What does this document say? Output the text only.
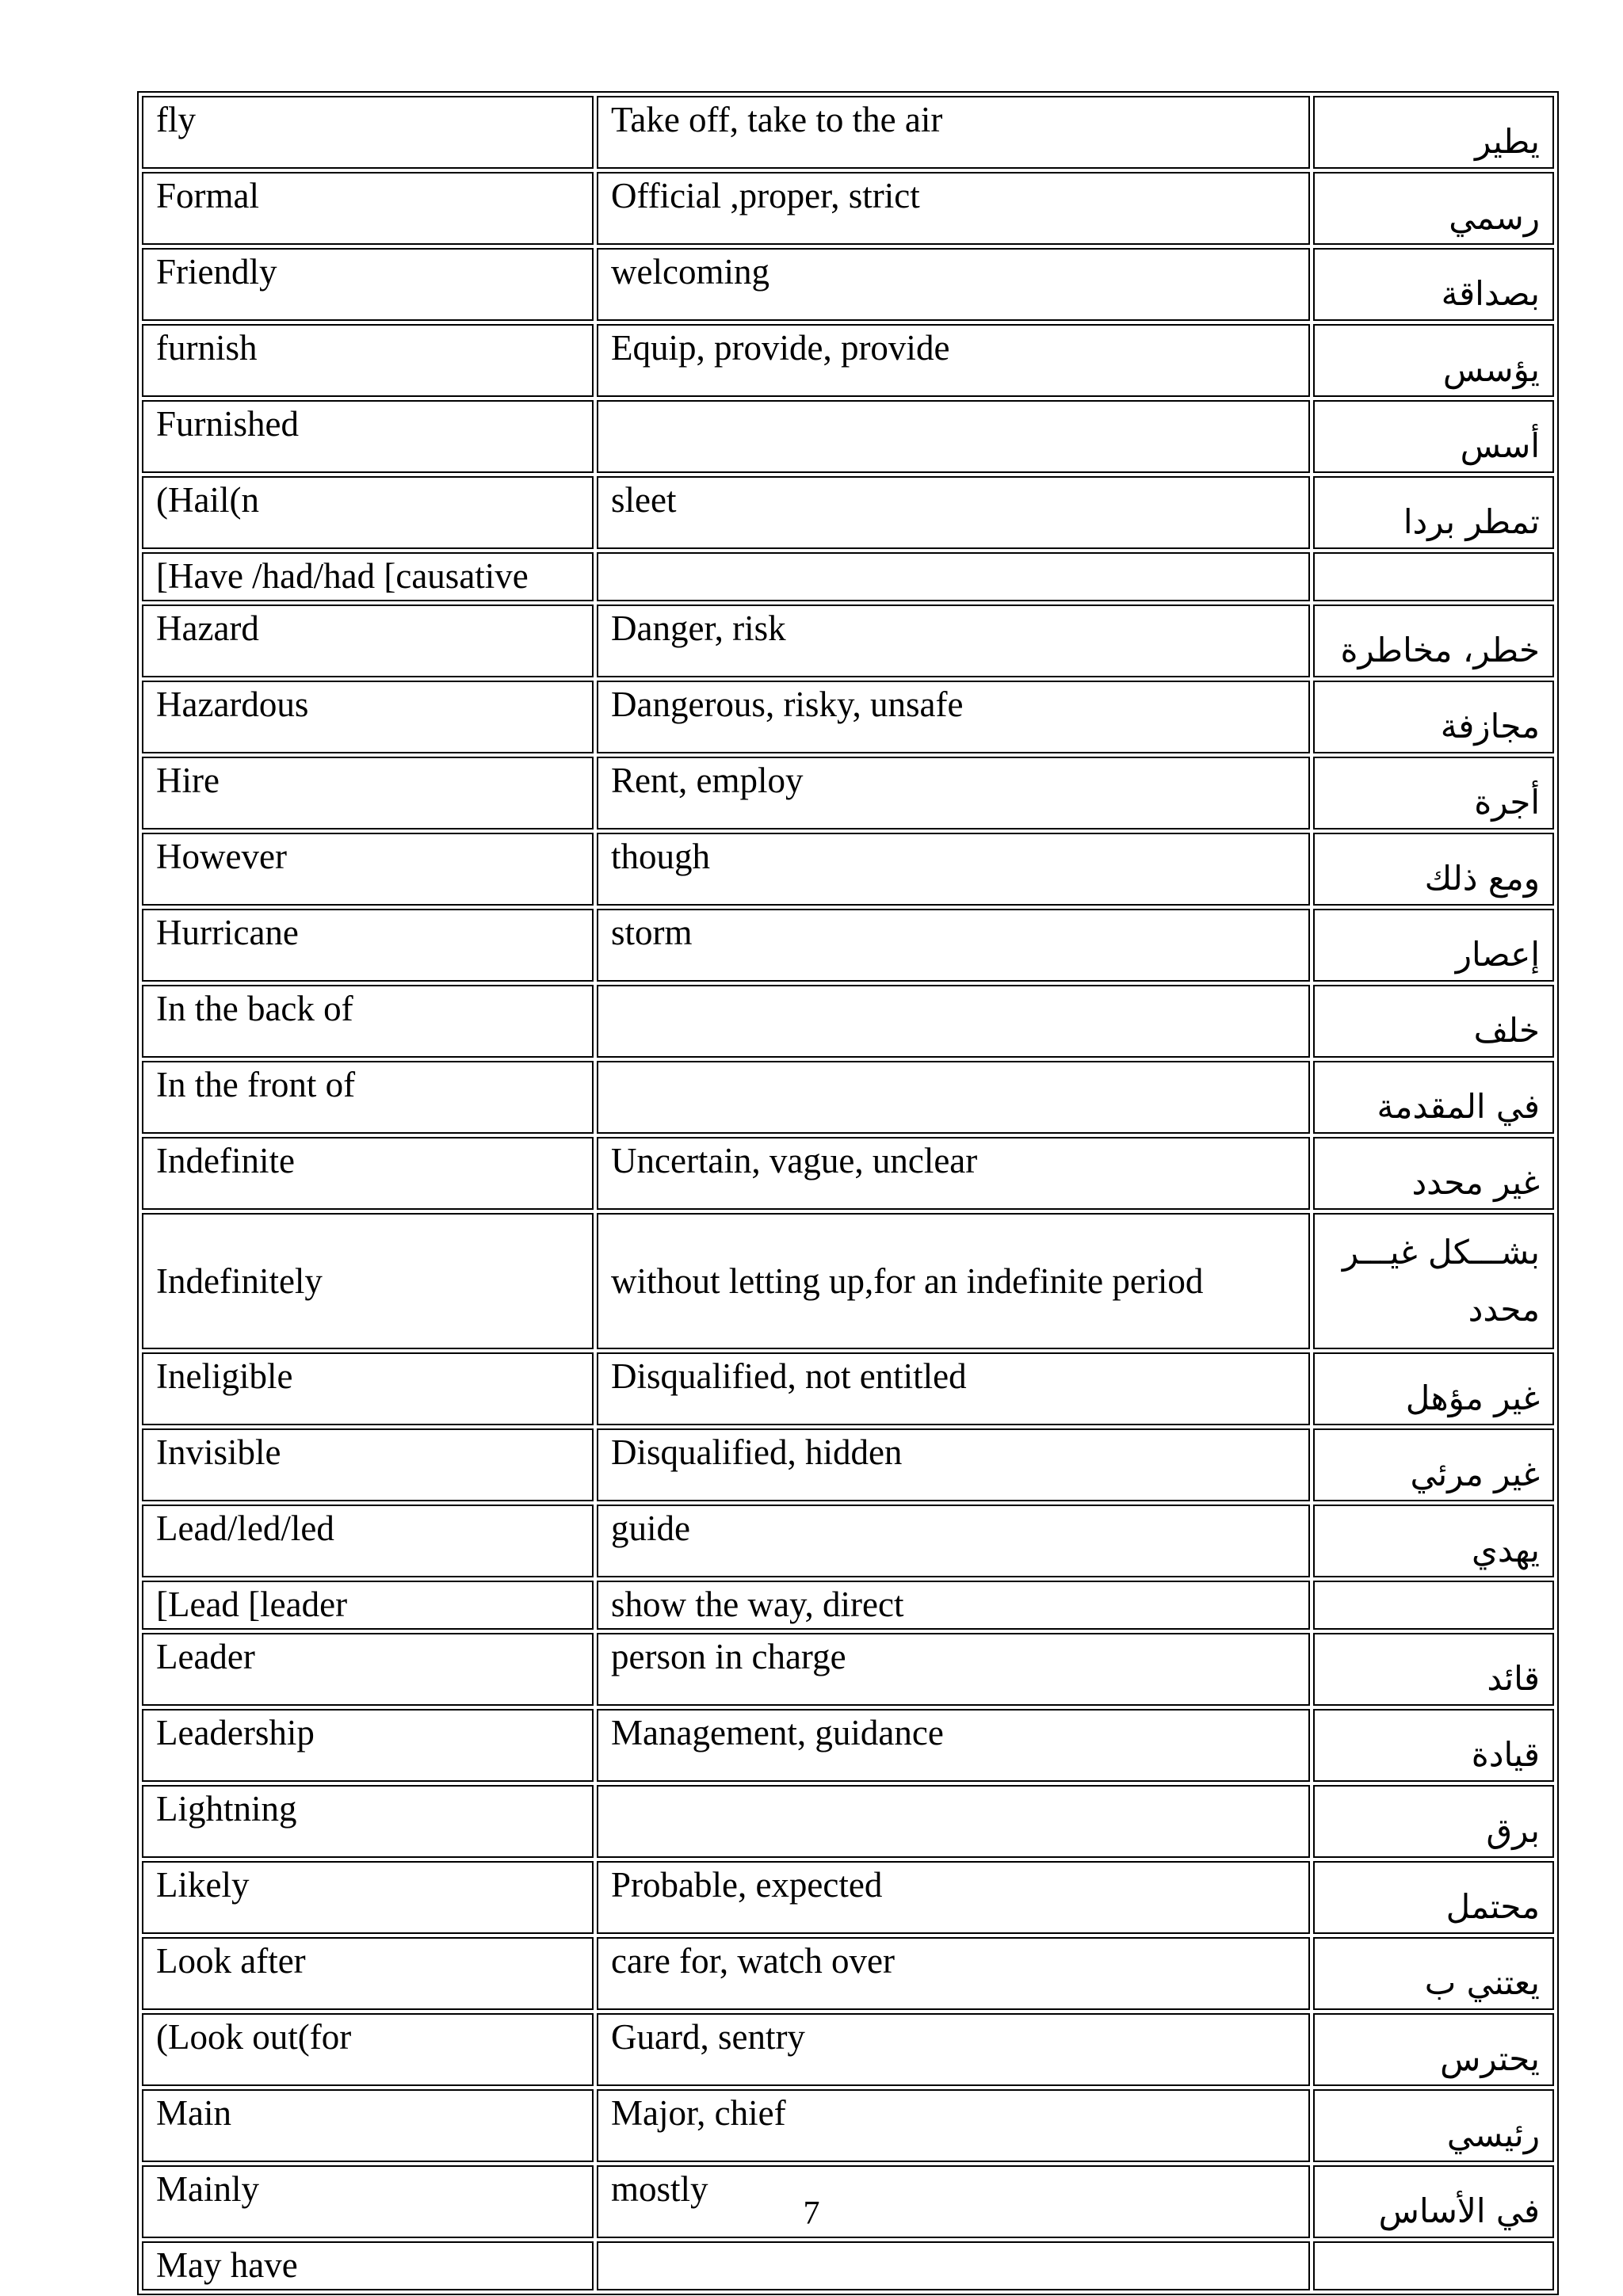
fly	Take off, take to the air	يطير
Formal	Official ,proper, strict	رسمي
Friendly	welcoming	بصداقة
furnish	Equip, provide, provide	يؤسس
Furnished		أسس
(Hail(n	sleet	تمطر بردا
[Have /had/had [causative		
Hazard	Danger, risk	خطر، مخاطرة
Hazardous	Dangerous, risky, unsafe	مجازفة
Hire	Rent, employ	أجرة
However	though	ومع ذلك
Hurricane	storm	إعصار
In the back of		خلف
In the front of		في المقدمة
Indefinite	Uncertain, vague, unclear	غير محدد
Indefinitely	without letting up,for an indefinite period	بشـــكل غيـــر محدد
Ineligible	Disqualified, not entitled	غير مؤهل
Invisible	Disqualified, hidden	غير مرئي
Lead/led/led	guide	يهدي
[Lead [leader	show the way, direct	
Leader	person in charge	قائد
Leadership	Management, guidance	قيادة
Lightning		برق
Likely	Probable, expected	محتمل
Look after	care for, watch over	يعتني ب
(Look out(for	Guard, sentry	يحترس
Main	Major, chief	رئيسي
Mainly	mostly	في الأساس
May have		
7
